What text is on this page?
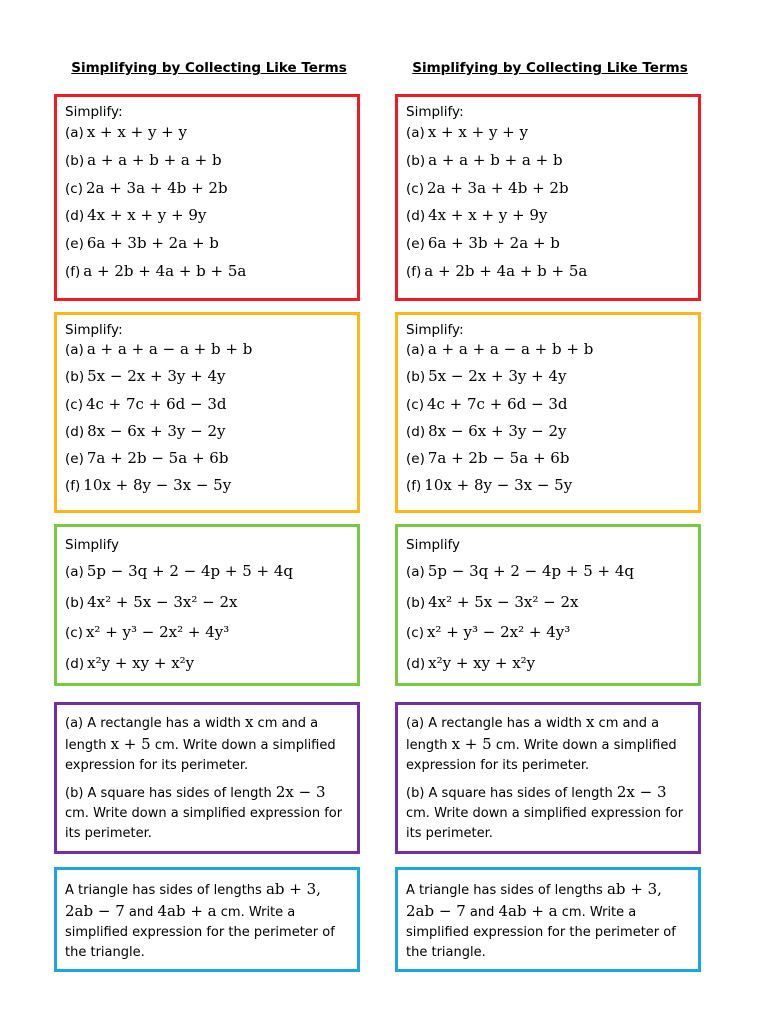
Simplifying by Collecting Like Terms
Simplify:
(a) x + x + y + y
(b) a + a + b + a + b
(c) 2a + 3a + 4b + 2b
(d) 4x + x + y + 9y
(e) 6a + 3b + 2a + b
(f) a + 2b + 4a + b + 5a
Simplify:
(a) a + a + a − a + b + b
(b) 5x − 2x + 3y + 4y
(c) 4c + 7c + 6d − 3d
(d) 8x − 6x + 3y − 2y
(e) 7a + 2b − 5a + 6b
(f) 10x + 8y − 3x − 5y
Simplify
(a) 5p − 3q + 2 − 4p + 5 + 4q
(b) 4x² + 5x − 3x² − 2x
(c) x² + y³ − 2x² + 4y³
(d) x²y + xy + x²y
(a) A rectangle has a width x cm and a length x + 5 cm. Write down a simplified expression for its perimeter.
(b) A square has sides of length 2x − 3 cm. Write down a simplified expression for its perimeter.
A triangle has sides of lengths ab + 3,
2ab − 7 and 4ab + a cm. Write a simplified expression for the perimeter of the triangle.
Simplifying by Collecting Like Terms
Simplify:
(a) x + x + y + y
(b) a + a + b + a + b
(c) 2a + 3a + 4b + 2b
(d) 4x + x + y + 9y
(e) 6a + 3b + 2a + b
(f) a + 2b + 4a + b + 5a
Simplify:
(a) a + a + a − a + b + b
(b) 5x − 2x + 3y + 4y
(c) 4c + 7c + 6d − 3d
(d) 8x − 6x + 3y − 2y
(e) 7a + 2b − 5a + 6b
(f) 10x + 8y − 3x − 5y
Simplify
(a) 5p − 3q + 2 − 4p + 5 + 4q
(b) 4x² + 5x − 3x² − 2x
(c) x² + y³ − 2x² + 4y³
(d) x²y + xy + x²y
(a) A rectangle has a width x cm and a length x + 5 cm. Write down a simplified expression for its perimeter.
(b) A square has sides of length 2x − 3 cm. Write down a simplified expression for its perimeter.
A triangle has sides of lengths ab + 3,
2ab − 7 and 4ab + a cm. Write a simplified expression for the perimeter of the triangle.
